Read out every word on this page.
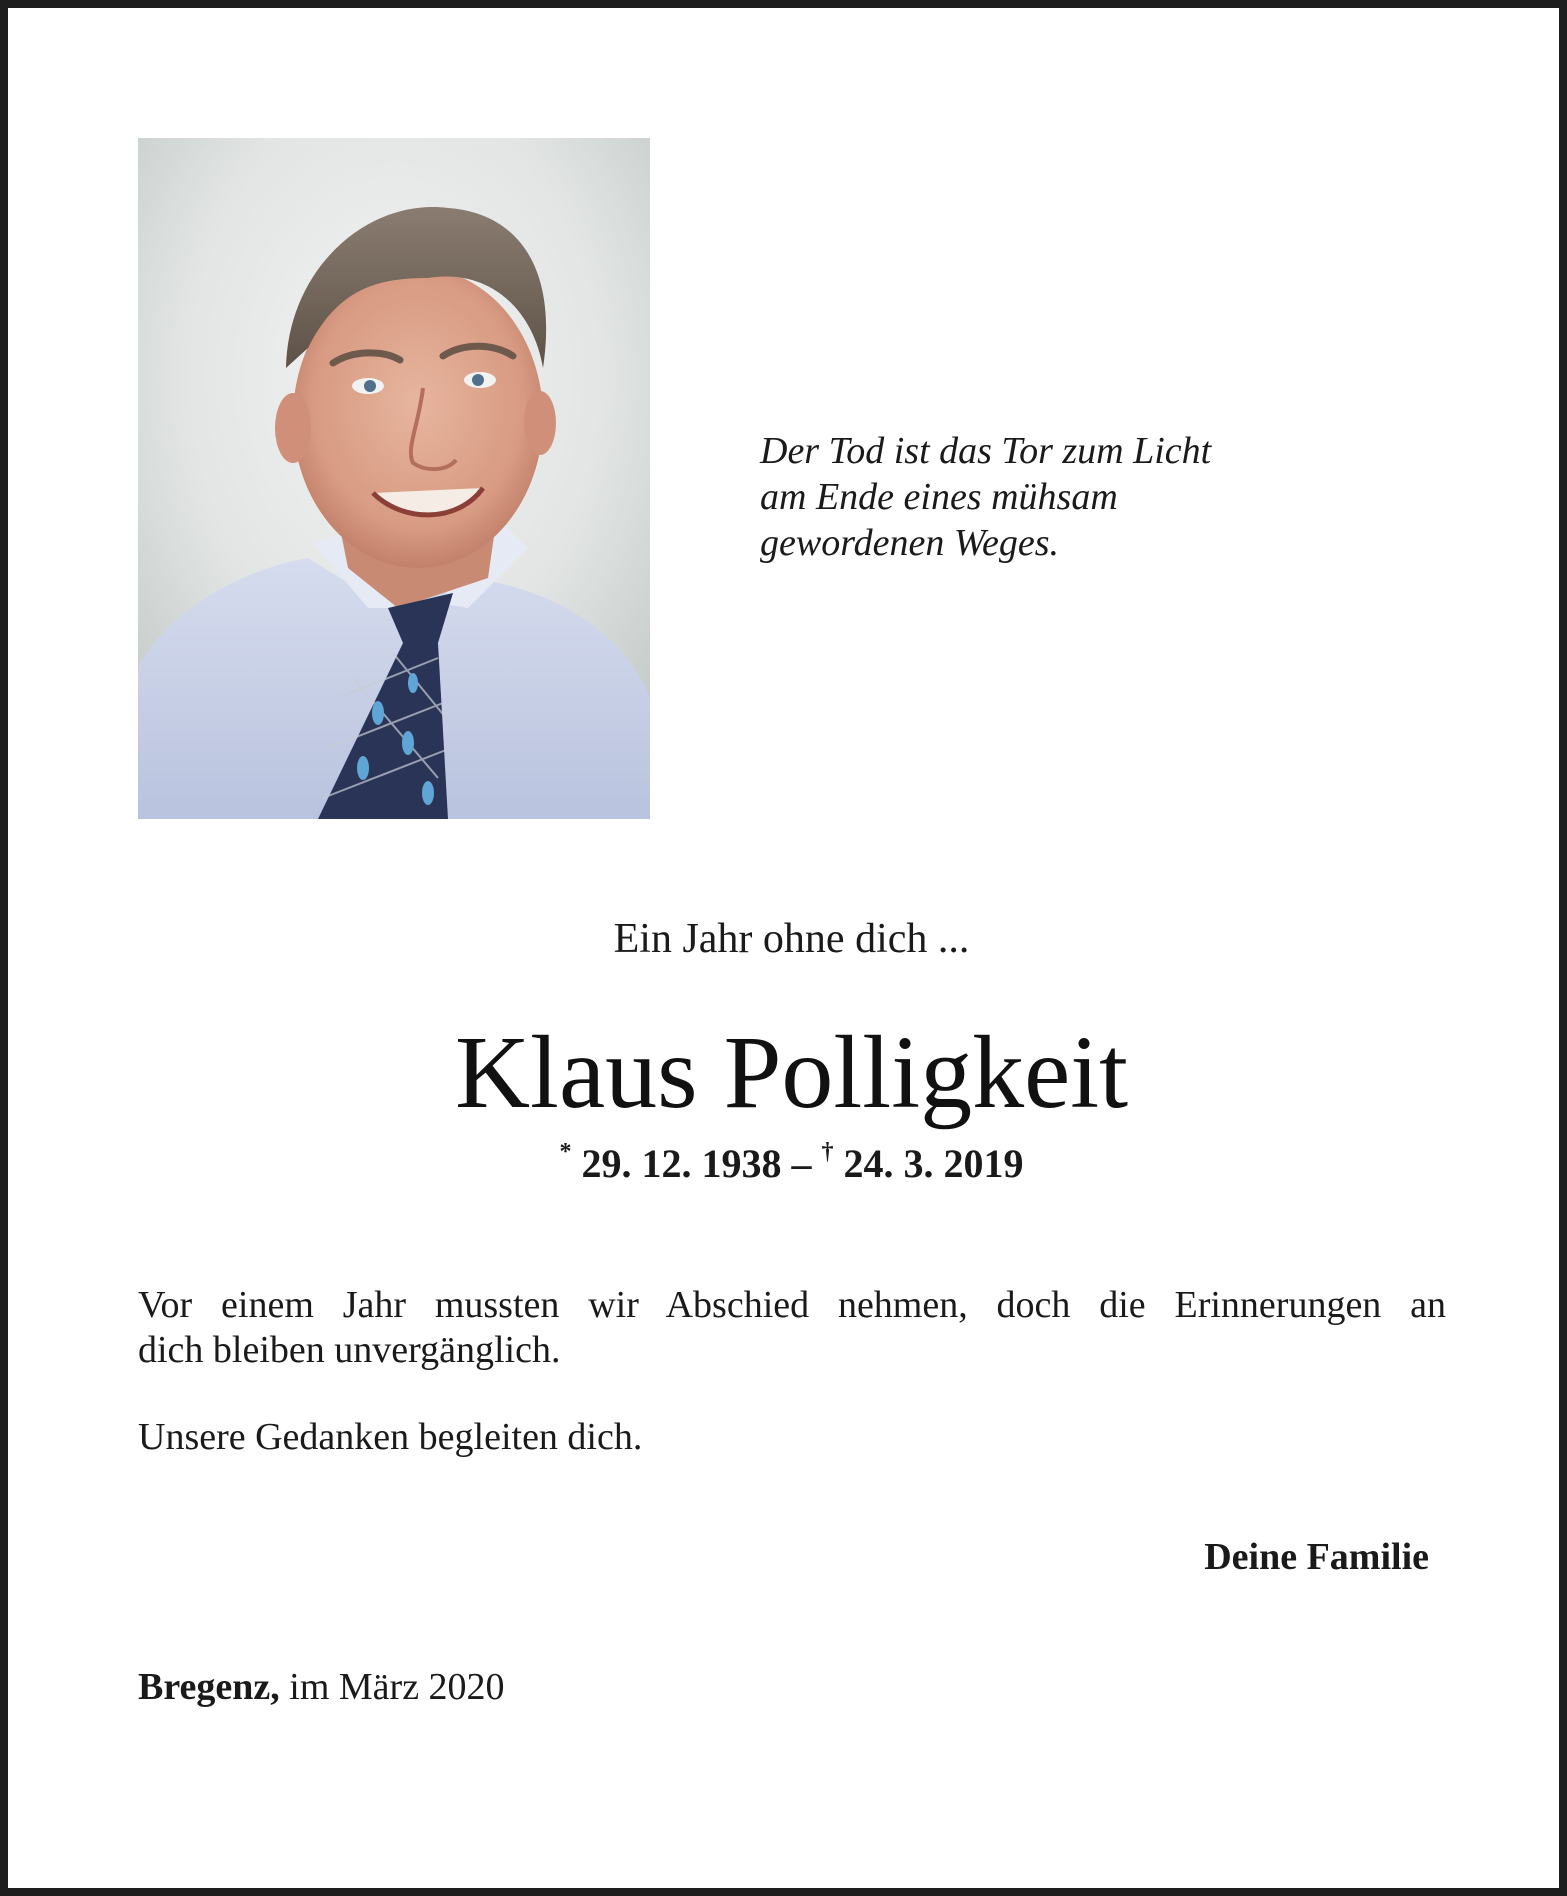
Der Tod ist das Tor zum Licht
am Ende eines mühsam
gewordenen Weges.
Ein Jahr ohne dich ...
Klaus Polligkeit
* 29. 12. 1938 – † 24. 3. 2019
Vor einem Jahr mussten wir Abschied nehmen, doch die Erinnerungen an
dich bleiben unvergänglich.
Unsere Gedanken begleiten dich.
Deine Familie
Bregenz, im März 2020
